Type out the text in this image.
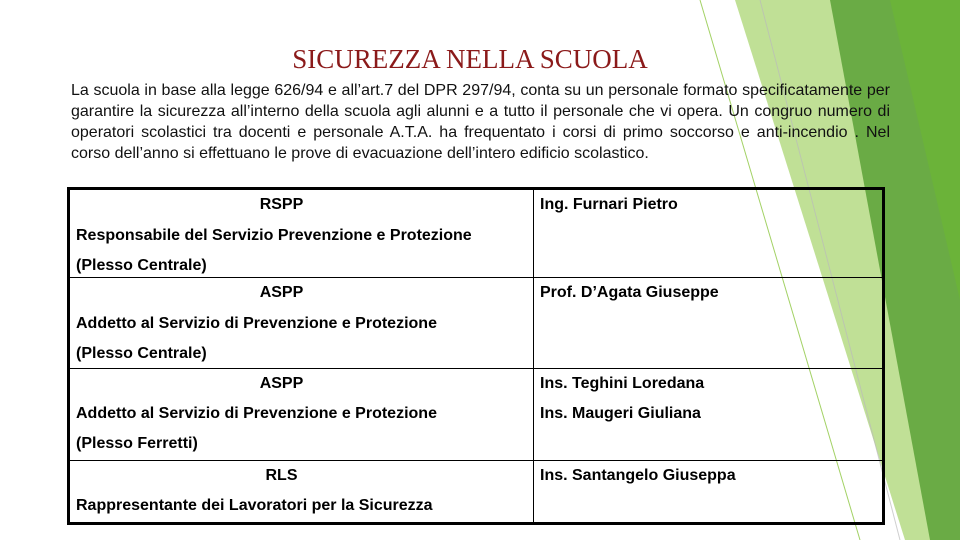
SICUREZZA NELLA SCUOLA
La scuola in base alla legge 626/94 e all’art.7 del DPR 297/94, conta su un personale formato specificatamente per garantire la sicurezza all’interno della scuola agli alunni e a tutto il personale che vi opera. Un congruo numero di operatori scolastici tra docenti e personale A.T.A. ha frequentato i corsi di primo soccorso e anti-incendio . Nel corso dell’anno si effettuano le prove di evacuazione dell’intero edificio scolastico.
RSPP
Responsabile del Servizio Prevenzione e Protezione
(Plesso Centrale)	Ing. Furnari Pietro

ASPP
Addetto al Servizio di Prevenzione e Protezione
(Plesso Centrale)	Prof. D’Agata Giuseppe

ASPP
Addetto al Servizio di Prevenzione e Protezione
(Plesso Ferretti)	Ins. Teghini Loredana
Ins. Maugeri Giuliana

RLS
Rappresentante dei Lavoratori per la Sicurezza	Ins. Santangelo Giuseppa
